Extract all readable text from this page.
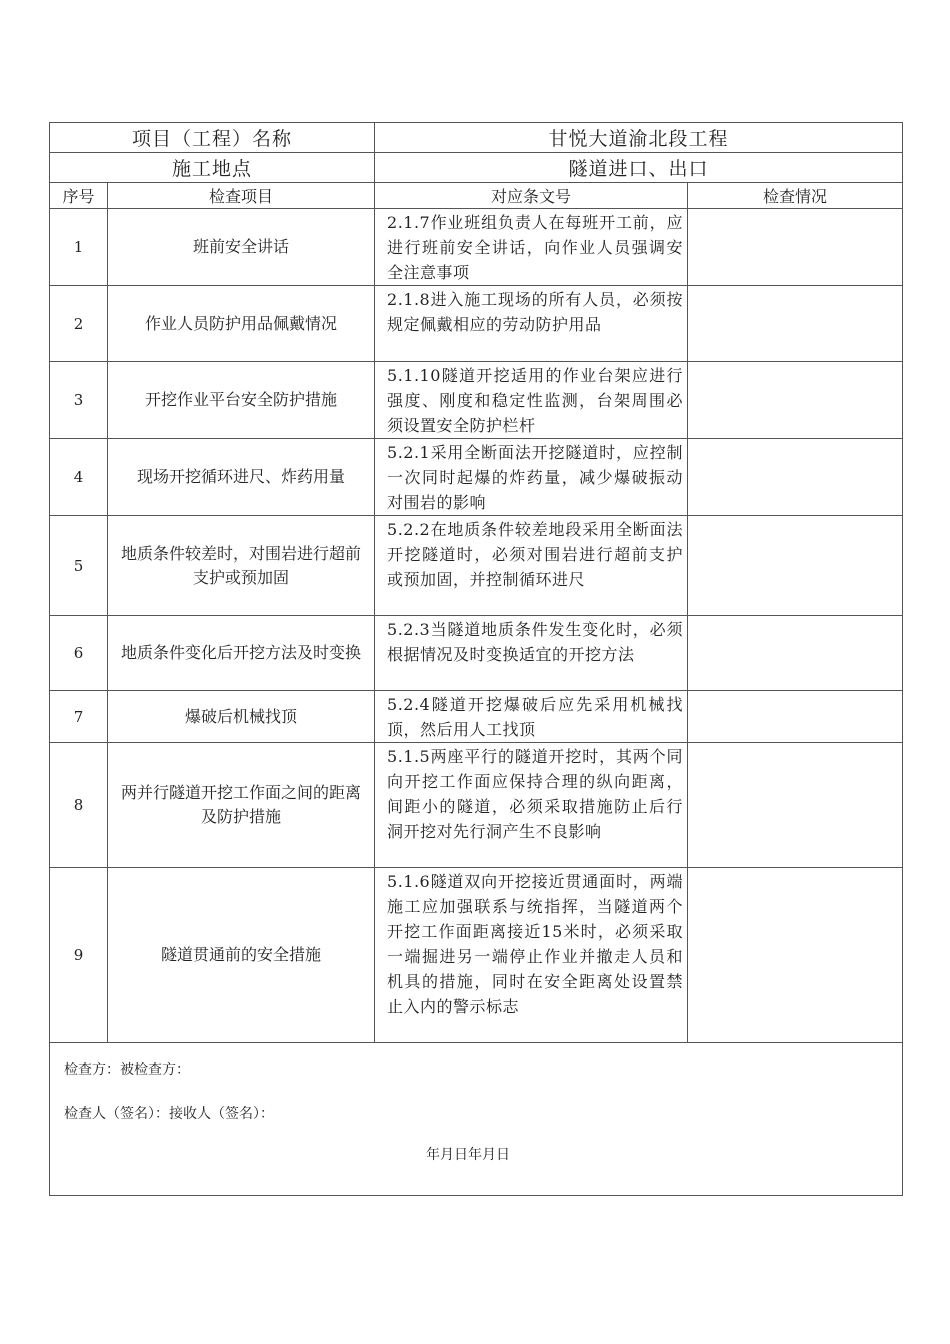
项目（工程）名称		甘悦大道渝北段工程	
施工地点		隧道进口、出口	
序号	检查项目	对应条文号	检查情况
1	班前安全讲话	2.1.7作业班组负责人在每班开工前，应进行班前安全讲话，向作业人员强调安全注意事项	
2	作业人员防护用品佩戴情况	2.1.8进入施工现场的所有人员，必须按规定佩戴相应的劳动防护用品	
3	开挖作业平台安全防护措施	5.1.10隧道开挖适用的作业台架应进行强度、刚度和稳定性监测，台架周围必须设置安全防护栏杆	
4	现场开挖循环进尺、炸药用量	5.2.1采用全断面法开挖隧道时，应控制一次同时起爆的炸药量，减少爆破振动对围岩的影响	
5	地质条件较差时，对围岩进行超前支护或预加固	5.2.2在地质条件较差地段采用全断面法开挖隧道时，必须对围岩进行超前支护或预加固，并控制循环进尺	
6	地质条件变化后开挖方法及时变换	5.2.3当隧道地质条件发生变化时，必须根据情况及时变换适宜的开挖方法	
7	爆破后机械找顶	5.2.4隧道开挖爆破后应先采用机械找顶，然后用人工找顶	
8	两并行隧道开挖工作面之间的距离及防护措施	5.1.5两座平行的隧道开挖时，其两个同向开挖工作面应保持合理的纵向距离，间距小的隧道，必须采取措施防止后行洞开挖对先行洞产生不良影响	
9	隧道贯通前的安全措施	5.1.6隧道双向开挖接近贯通面时，两端施工应加强联系与统指挥，当隧道两个开挖工作面距离接近15米时，必须采取一端掘进另一端停止作业并撤走人员和机具的措施，同时在安全距离处设置禁止入内的警示标志	

检查方：被检查方：
检查人（签名）：接收人（签名）：
年月日年月日			
